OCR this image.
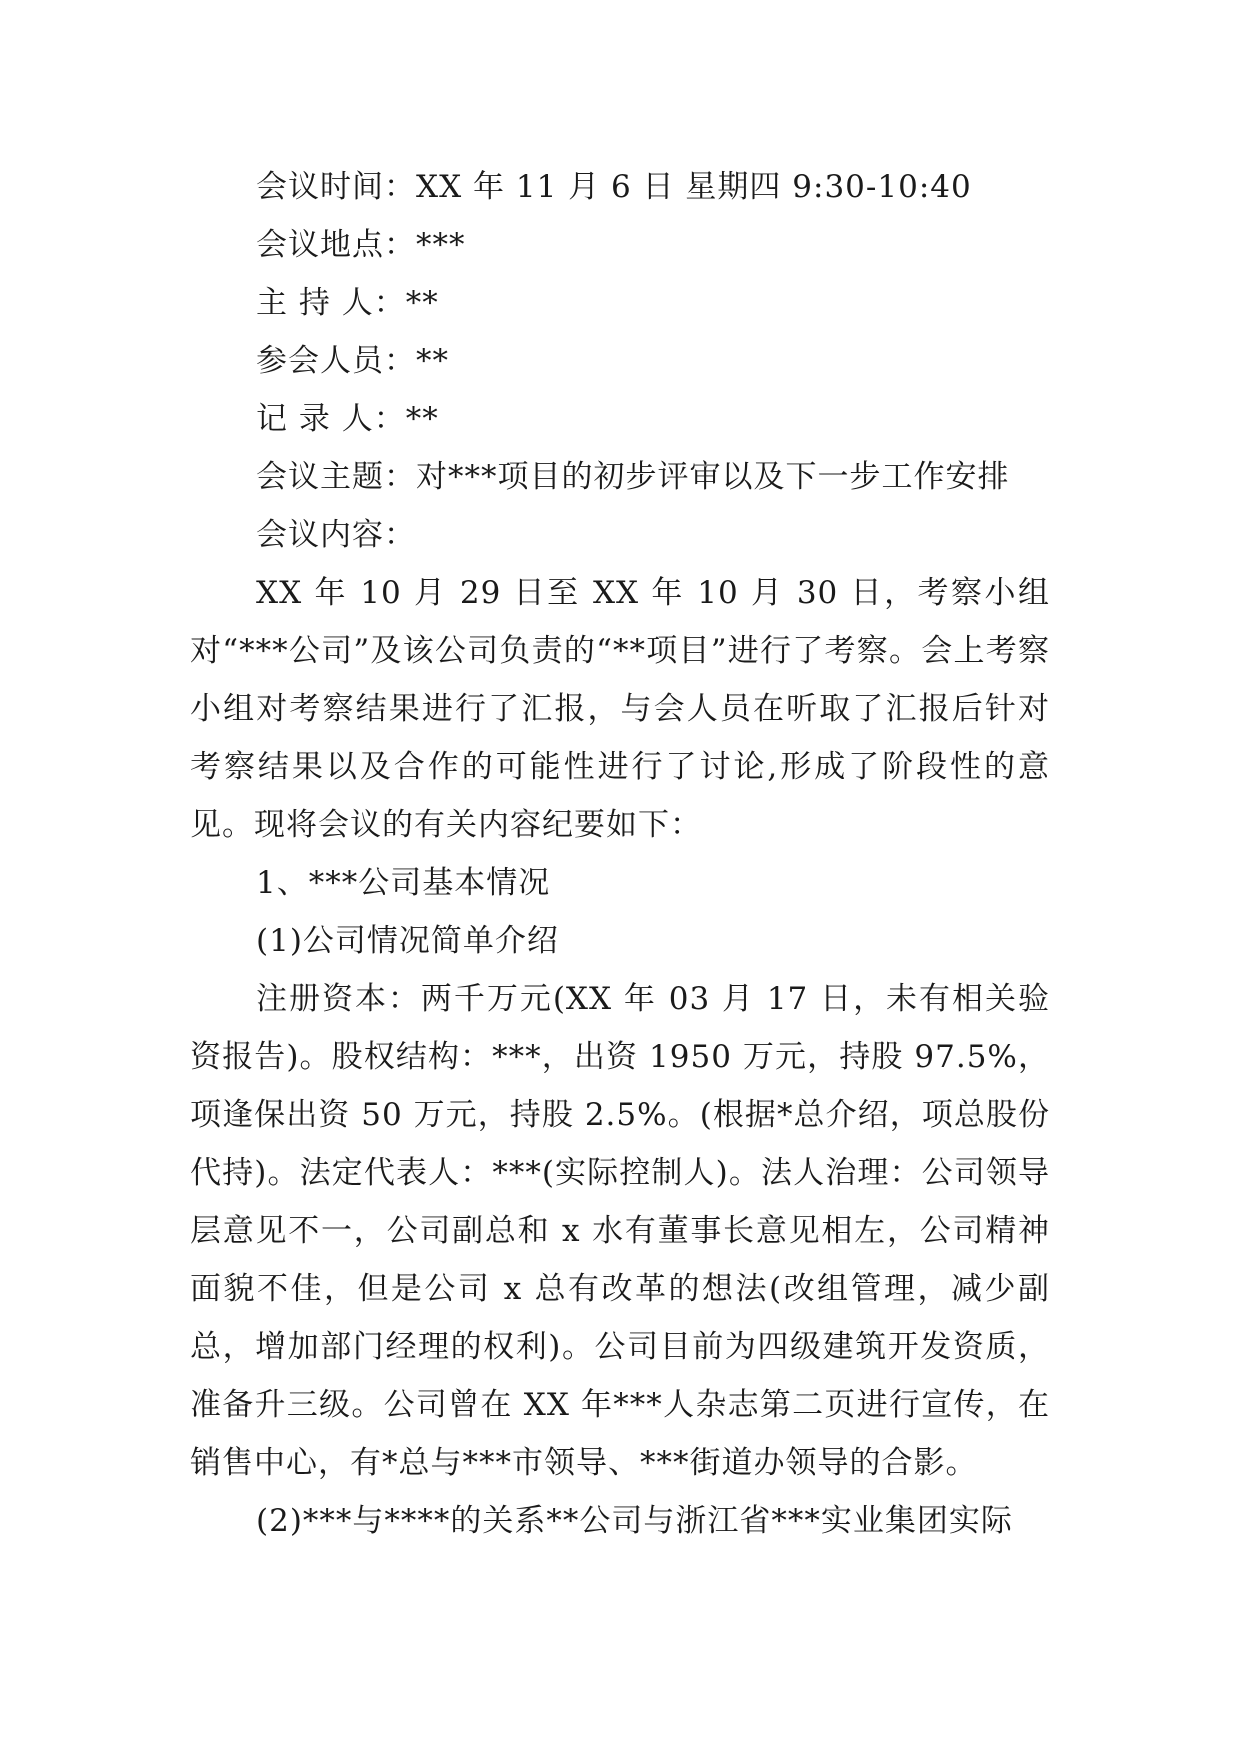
会议时间：XX 年 11 月 6 日 星期四 9:30-10:40
会议地点：***
主 持 人：**
参会人员：**
记 录 人：**
会议主题：对***项目的初步评审以及下一步工作安排
会议内容：

XX 年 10 月 29 日至 XX 年 10 月 30 日，考察小组对“***公司”及该公司负责的“**项目”进行了考察。会上考察小组对考察结果进行了汇报，与会人员在听取了汇报后针对考察结果以及合作的可能性进行了讨论,形成了阶段性的意见。现将会议的有关内容纪要如下：

1、***公司基本情况
(1)公司情况简单介绍

注册资本：两千万元(XX 年 03 月 17 日，未有相关验资报告)。股权结构：***，出资 1950 万元，持股 97.5%，项逢保出资 50 万元，持股 2.5%。(根据*总介绍，项总股份代持)。法定代表人：***(实际控制人)。法人治理：公司领导层意见不一，公司副总和 x 水有董事长意见相左，公司精神面貌不佳，但是公司 x 总有改革的想法(改组管理，减少副总，增加部门经理的权利)。公司目前为四级建筑开发资质，准备升三级。公司曾在 XX 年***人杂志第二页进行宣传，在销售中心，有*总与***市领导、***街道办领导的合影。

(2)***与****的关系**公司与浙江省***实业集团实际
